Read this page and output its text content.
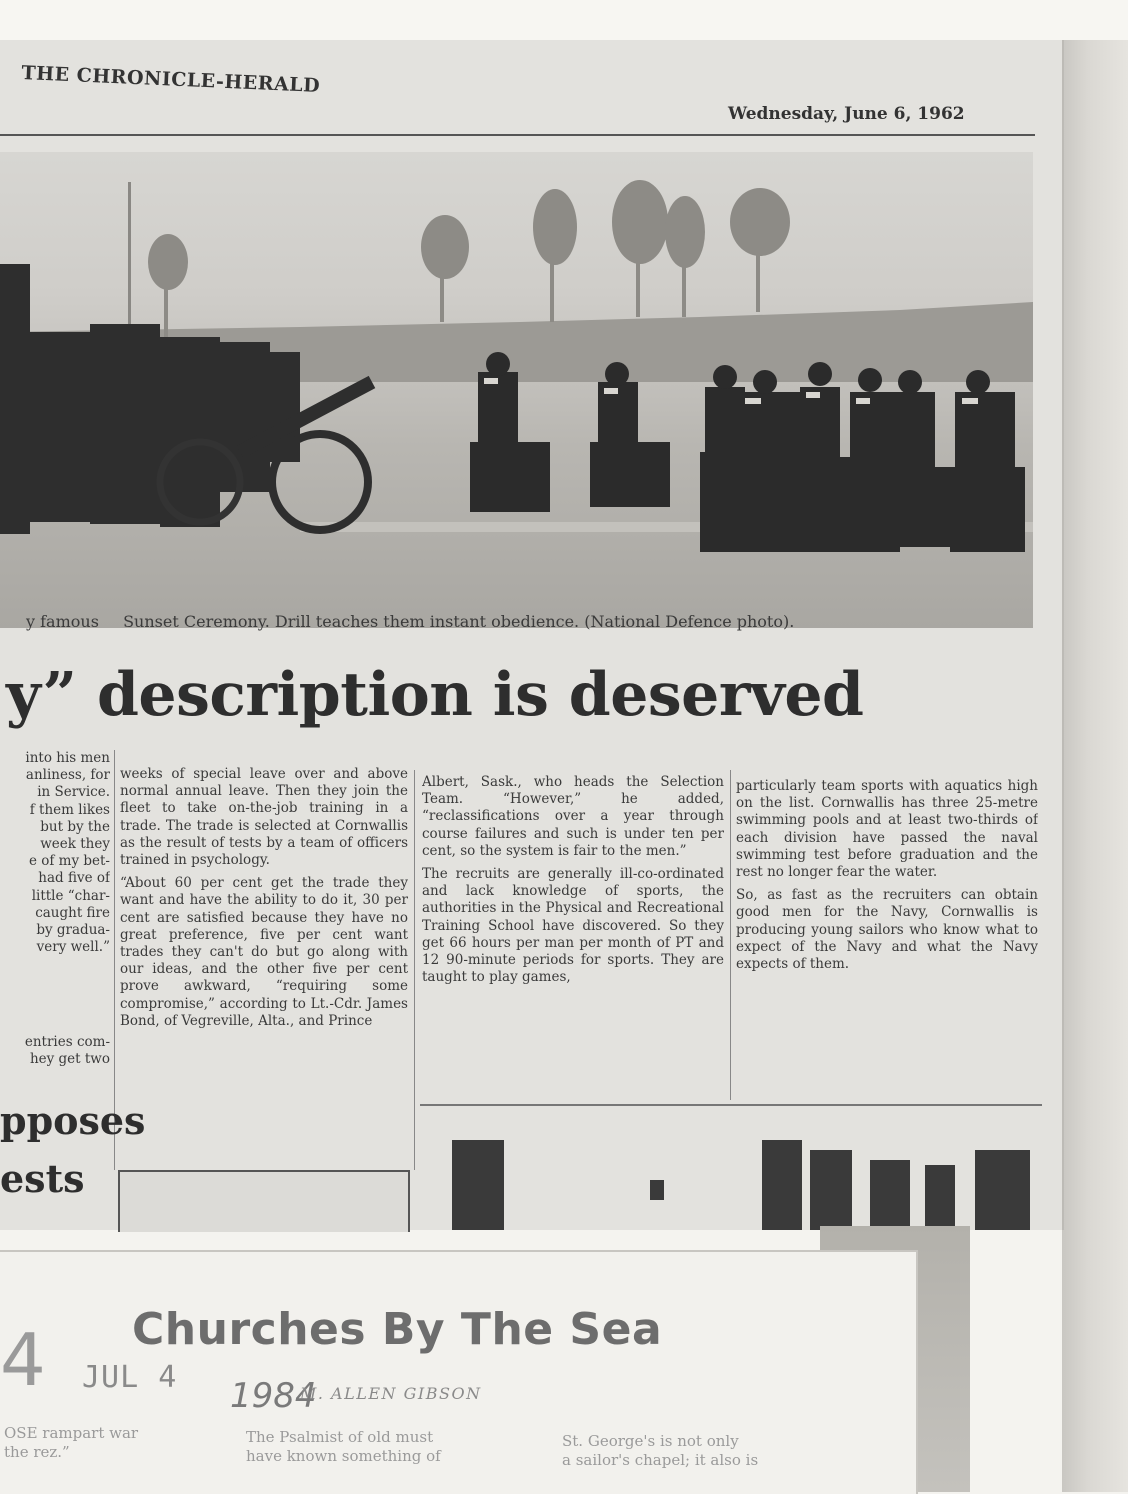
THE CHRONICLE-HERALD
Wednesday, June 6, 1962
y famous Sunset Ceremony. Drill teaches them instant obedience. (National Defence photo).
y” description is deserved
into his men
anliness, for
in Service.
f them likes
but by the
week they
e of my bet-
had five of
little “char-
caught fire
by gradua-
very well.”
entries com-
hey get two

weeks of special leave over and above normal annual leave. Then they join the fleet to take on-the-job training in a trade. The trade is selected at Cornwallis as the result of tests by a team of officers trained in psychology.

“About 60 per cent get the trade they want and have the ability to do it, 30 per cent are satisfied because they have no great preference, five per cent want trades they can't do but go along with our ideas, and the other five per cent prove awkward, “requiring some compromise,” according to Lt.-Cdr. James Bond, of Vegreville, Alta., and Prince

Albert, Sask., who heads the Selection Team. “However,” he added, “reclassifications over a year through course failures and such is under ten per cent, so the system is fair to the men.”

The recruits are generally ill-co-ordinated and lack knowledge of sports, the authorities in the Physical and Recreational Training School have discovered. So they get 66 hours per man per month of PT and 12 90-minute periods for sports. They are taught to play games,

particularly team sports with aquatics high on the list. Cornwallis has three 25-metre swimming pools and at least two-thirds of each division have passed the naval swimming test before graduation and the rest no longer fear the water.

So, as fast as the recruiters can obtain good men for the Navy, Cornwallis is producing young sailors who know what to expect of the Navy and what the Navy expects of them.

pposes
ests
4 Churches By The Sea
JUL 4 1984
M. ALLEN GIBSON
OSE rampart war
the rez.”
The Psalmist of old must
have known something of
St. George's is not only
a sailor's chapel; it also is
